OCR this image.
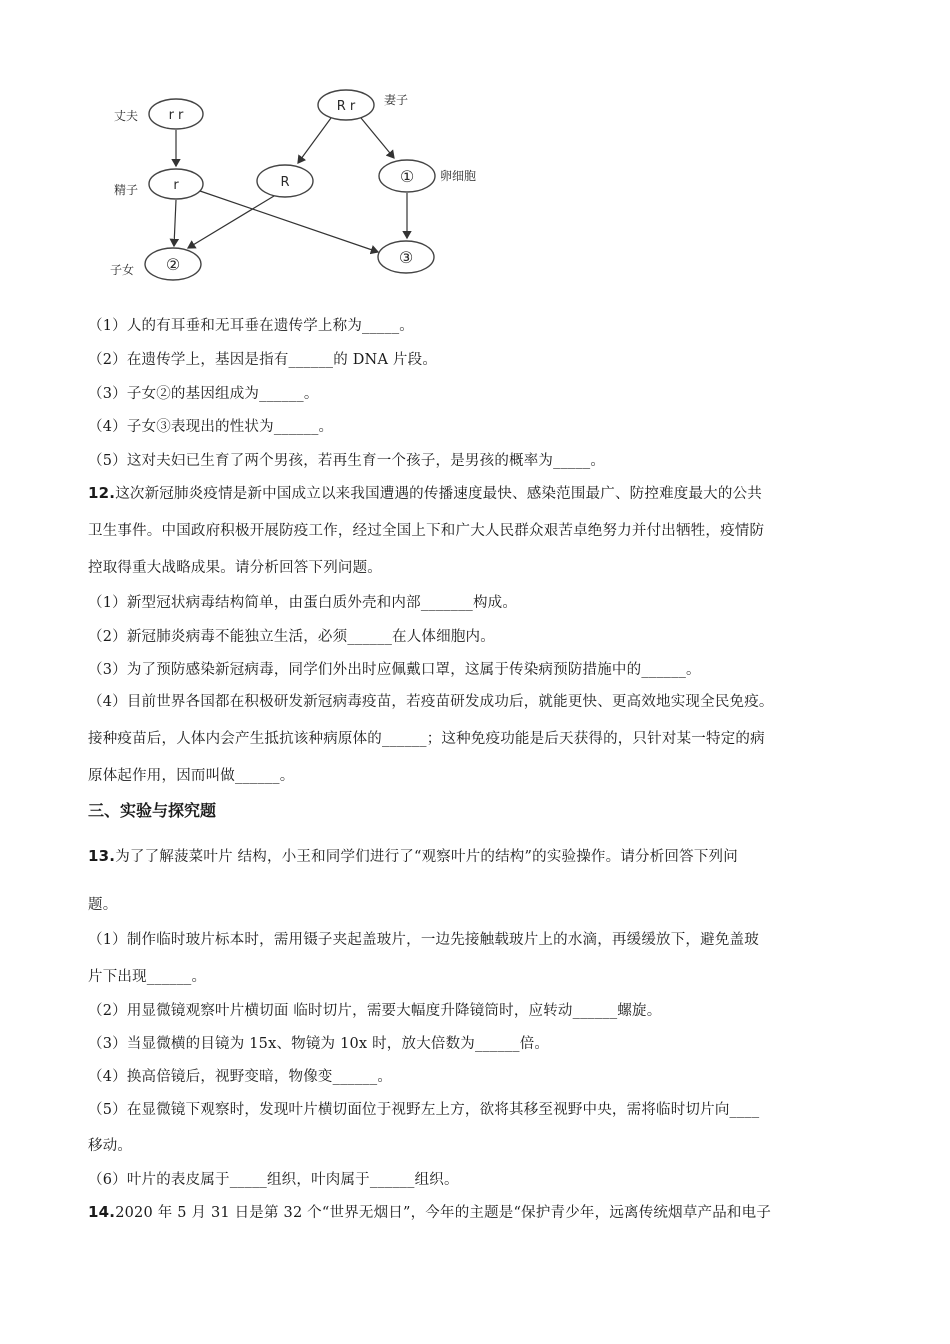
丈夫 r r
R r 妻子
精子	r	R	① 卵细胞
子女 ②	③
（1）人的有耳垂和无耳垂在遗传学上称为_____。
（2）在遗传学上，基因是指有______的 DNA 片段。
（3）子女②的基因组成为______。
（4）子女③表现出的性状为______。
（5）这对夫妇已生育了两个男孩，若再生育一个孩子，是男孩的概率为_____。
12.这次新冠肺炎疫情是新中国成立以来我国遭遇的传播速度最快、感染范围最广、防控难度最大的公共
卫生事件。中国政府积极开展防疫工作，经过全国上下和广大人民群众艰苦卓绝努力并付出牺牲，疫情防
控取得重大战略成果。请分析回答下列问题。
（1）新型冠状病毒结构简单，由蛋白质外壳和内部_______构成。
（2）新冠肺炎病毒不能独立生活，必须______在人体细胞内。
（3）为了预防感染新冠病毒，同学们外出时应佩戴口罩，这属于传染病预防措施中的______。
（4）目前世界各国都在积极研发新冠病毒疫苗，若疫苗研发成功后，就能更快、更高效地实现全民免疫。
接种疫苗后，人体内会产生抵抗该种病原体的______；这种免疫功能是后天获得的，只针对某一特定的病
原体起作用，因而叫做______。
三、实验与探究题
13.为了了解菠菜叶片 结构，小王和同学们进行了“观察叶片的结构”的实验操作。请分析回答下列问
题。
（1）制作临时玻片标本时，需用镊子夹起盖玻片，一边先接触载玻片上的水滴，再缓缓放下，避免盖玻
片下出现______。
（2）用显微镜观察叶片横切面 临时切片，需要大幅度升降镜筒时，应转动______螺旋。
（3）当显微横的目镜为 15x、物镜为 10x 时，放大倍数为______倍。
（4）换高倍镜后，视野变暗，物像变______。
（5）在显微镜下观察时，发现叶片横切面位于视野左上方，欲将其移至视野中央，需将临时切片向____
移动。
（6）叶片的表皮属于_____组织，叶肉属于______组织。
14.2020 年 5 月 31 日是第 32 个“世界无烟日”，今年的主题是“保护青少年，远离传统烟草产品和电子
